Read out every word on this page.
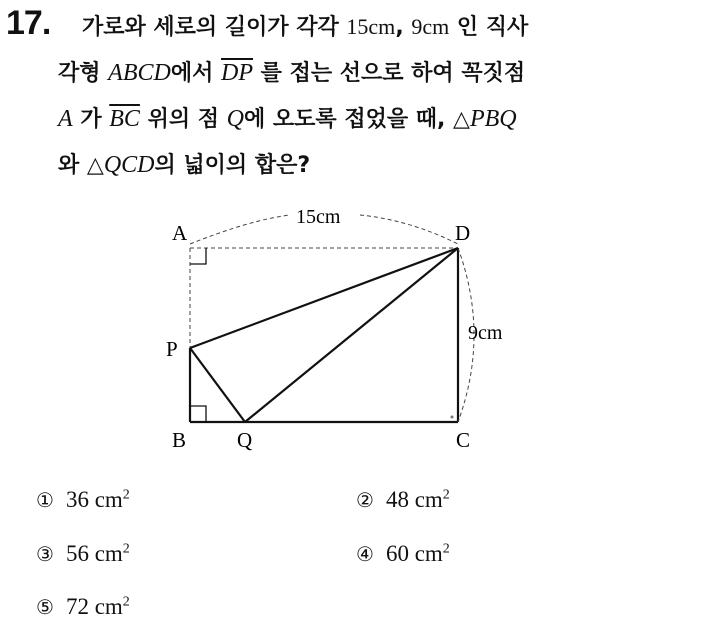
17. 가로와 세로의 길이가 각각 15cm, 9cm 인 직사
각형 ABCD에서 $\overline{DP}$ 를 접는 선으로 하여 꼭짓점
A 가 $\overline{BC}$ 위의 점 Q에 오도록 접었을 때, △PBQ
와 △QCD의 넓이의 합은?
A	D
P
B Q	C
15cm
9cm
① 36 $cm^2$	② 48 $cm^2$
③ 56 $cm^2$	④ 60 $cm^2$
⑤ 72 $cm^2$
